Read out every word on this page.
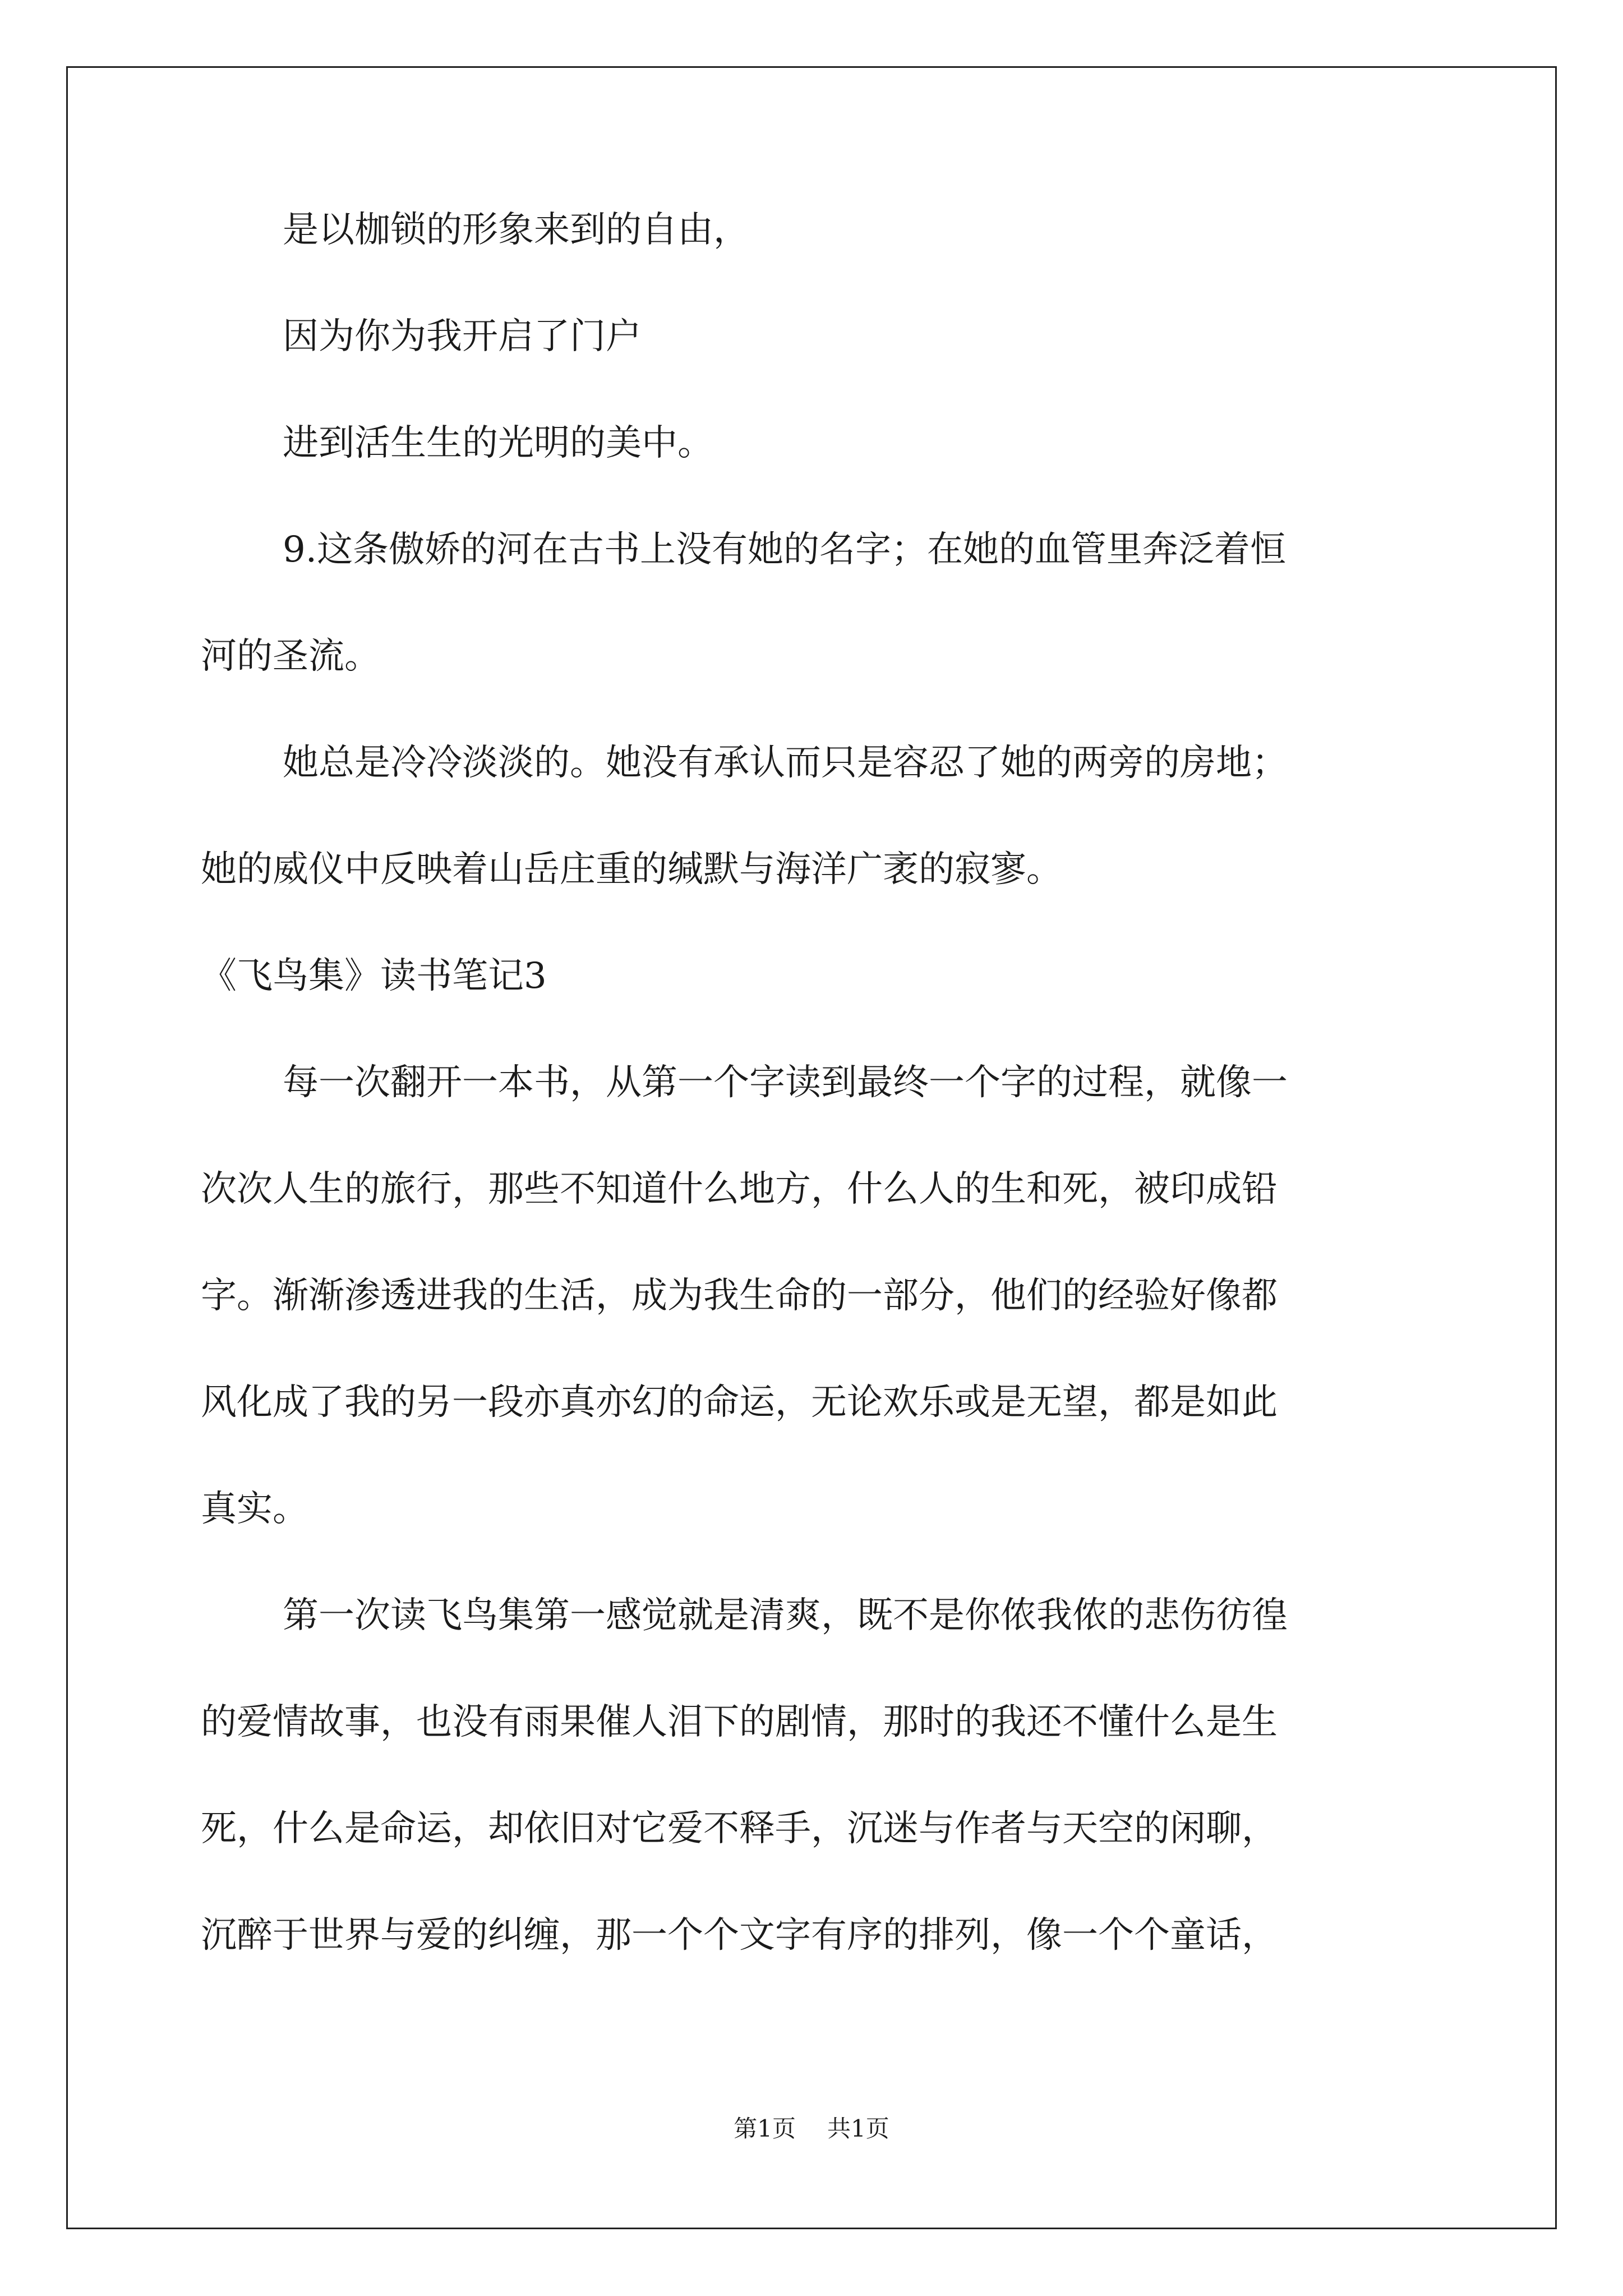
是以枷锁的形象来到的自由，
因为你为我开启了门户
进到活生生的光明的美中。
9.这条傲娇的河在古书上没有她的名字；在她的血管里奔泛着恒
河的圣流。
她总是冷冷淡淡的。她没有承认而只是容忍了她的两旁的房地；
她的威仪中反映着山岳庄重的缄默与海洋广袤的寂寥。
《飞鸟集》读书笔记3
每一次翻开一本书，从第一个字读到最终一个字的过程，就像一
次次人生的旅行，那些不知道什么地方，什么人的生和死，被印成铅
字。渐渐渗透进我的生活，成为我生命的一部分，他们的经验好像都
风化成了我的另一段亦真亦幻的命运，无论欢乐或是无望，都是如此
真实。
第一次读飞鸟集第一感觉就是清爽，既不是你侬我侬的悲伤彷徨
的爱情故事，也没有雨果催人泪下的剧情，那时的我还不懂什么是生
死，什么是命运，却依旧对它爱不释手，沉迷与作者与天空的闲聊，
沉醉于世界与爱的纠缠，那一个个文字有序的排列，像一个个童话，
第1页 共1页
